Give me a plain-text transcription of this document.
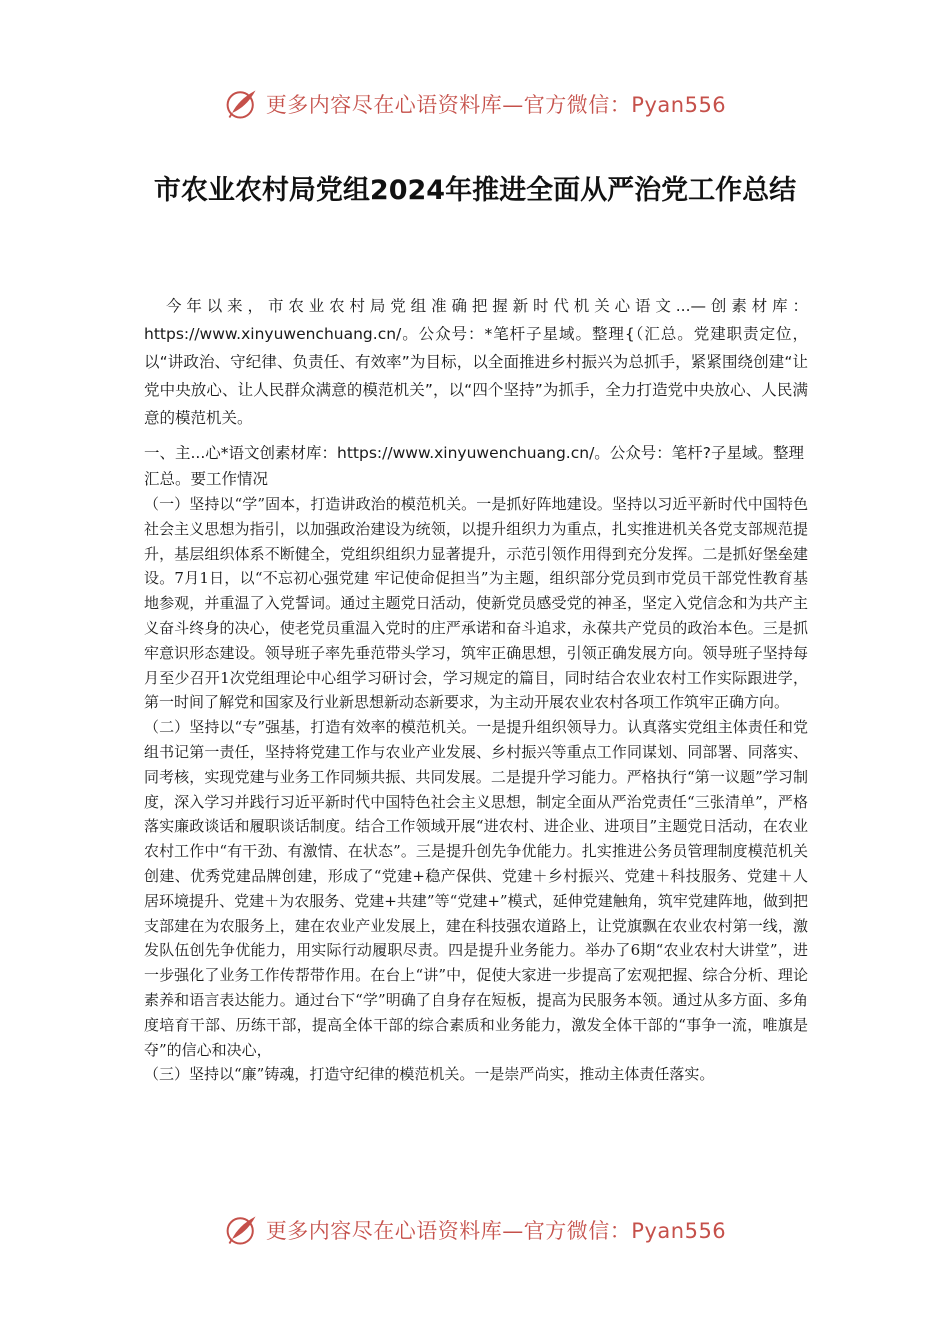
更多内容尽在心语资料库—官方微信：Pyan556
市农业农村局党组2024年推进全面从严治党工作总结

今年以来，市农业农村局党组准确把握新时代机关心语文...—创素材库：https://www.xinyuwenchuang.cn/。公众号：*笔杆子星域。整理{（汇总。党建职责定位，以“讲政治、守纪律、负责任、有效率”为目标，以全面推进乡村振兴为总抓手，紧紧围绕创建“让党中央放心、让人民群众满意的模范机关”，以“四个坚持”为抓手，全力打造党中央放心、人民满意的模范机关。

一、主...心*语文创素材库：https://www.xinyuwenchuang.cn/。公众号：笔杆?子星域。整理汇总。要工作情况

（一）坚持以“学”固本，打造讲政治的模范机关。一是抓好阵地建设。坚持以习近平新时代中国特色社会主义思想为指引，以加强政治建设为统领，以提升组织力为重点，扎实推进机关各党支部规范提升，基层组织体系不断健全，党组织组织力显著提升，示范引领作用得到充分发挥。二是抓好堡垒建设。7月1日，以“不忘初心强党建 牢记使命促担当”为主题，组织部分党员到市党员干部党性教育基地参观，并重温了入党誓词。通过主题党日活动，使新党员感受党的神圣，坚定入党信念和为共产主义奋斗终身的决心，使老党员重温入党时的庄严承诺和奋斗追求，永葆共产党员的政治本色。三是抓牢意识形态建设。领导班子率先垂范带头学习，筑牢正确思想，引领正确发展方向。领导班子坚持每月至少召开1次党组理论中心组学习研讨会，学习规定的篇目，同时结合农业农村工作实际跟进学，第一时间了解党和国家及行业新思想新动态新要求，为主动开展农业农村各项工作筑牢正确方向。

（二）坚持以“专”强基，打造有效率的模范机关。一是提升组织领导力。认真落实党组主体责任和党组书记第一责任，坚持将党建工作与农业产业发展、乡村振兴等重点工作同谋划、同部署、同落实、同考核，实现党建与业务工作同频共振、共同发展。二是提升学习能力。严格执行“第一议题”学习制度，深入学习并践行习近平新时代中国特色社会主义思想，制定全面从严治党责任“三张清单”，严格落实廉政谈话和履职谈话制度。结合工作领域开展“进农村、进企业、进项目”主题党日活动，在农业农村工作中“有干劲、有激情、在状态”。三是提升创先争优能力。扎实推进公务员管理制度模范机关创建、优秀党建品牌创建，形成了“党建+稳产保供、党建＋乡村振兴、党建＋科技服务、党建＋人居环境提升、党建＋为农服务、党建+共建”等“党建+”模式，延伸党建触角，筑牢党建阵地，做到把支部建在为农服务上，建在农业产业发展上，建在科技强农道路上，让党旗飘在农业农村第一线，激发队伍创先争优能力，用实际行动履职尽责。四是提升业务能力。举办了6期“农业农村大讲堂”，进一步强化了业务工作传帮带作用。在台上“讲”中，促使大家进一步提高了宏观把握、综合分析、理论素养和语言表达能力。通过台下“学”明确了自身存在短板，提高为民服务本领。通过从多方面、多角度培育干部、历练干部，提高全体干部的综合素质和业务能力，激发全体干部的“事争一流，唯旗是夺”的信心和决心，

（三）坚持以“廉”铸魂，打造守纪律的模范机关。一是崇严尚实，推动主体责任落实。

更多内容尽在心语资料库—官方微信：Pyan556
